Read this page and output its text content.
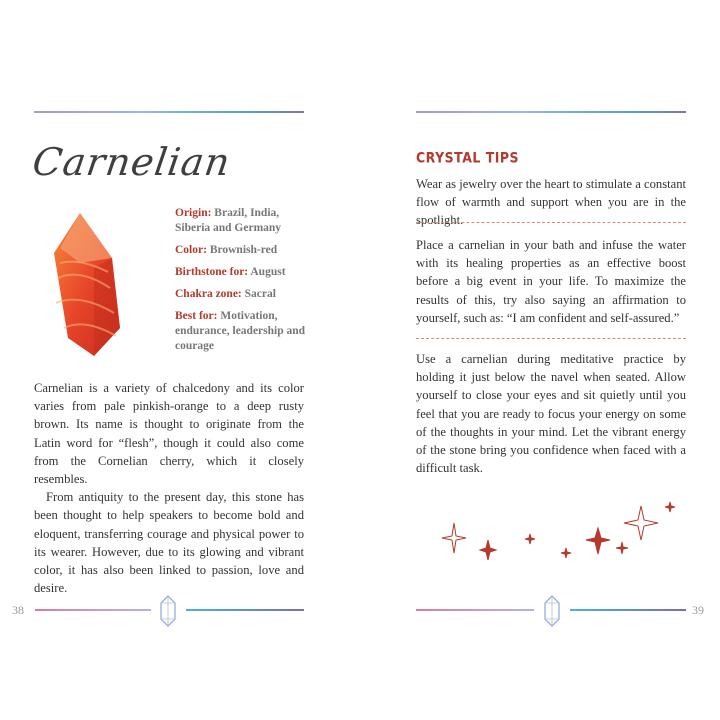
Carnelian

Origin: Brazil, India, Siberia and Germany

Color: Brownish-red

Birthstone for: August

Chakra zone: Sacral

Best for: Motivation, endurance, leadership and courage

Carnelian is a variety of chalcedony and its color varies from pale pinkish-orange to a deep rusty brown. Its name is thought to originate from the Latin word for “flesh”, though it could also come from the Cornelian cherry, which it closely resembles.

From antiquity to the present day, this stone has been thought to help speakers to become bold and eloquent, transferring courage and physical power to its wearer. However, due to its glowing and vibrant color, it has also been linked to passion, love and desire.

CRYSTAL TIPS
Wear as jewelry over the heart to stimulate a constant flow of warmth and support when you are in the spotlight.
Place a carnelian in your bath and infuse the water with its healing properties as an effective boost before a big event in your life. To maximize the results of this, try also saying an affirmation to yourself, such as: “I am confident and self-assured.”
Use a carnelian during meditative practice by holding it just below the navel when seated. Allow yourself to close your eyes and sit quietly until you feel that you are ready to focus your energy on some of the thoughts in your mind. Let the vibrant energy of the stone bring you confidence when faced with a difficult task.
38	39
